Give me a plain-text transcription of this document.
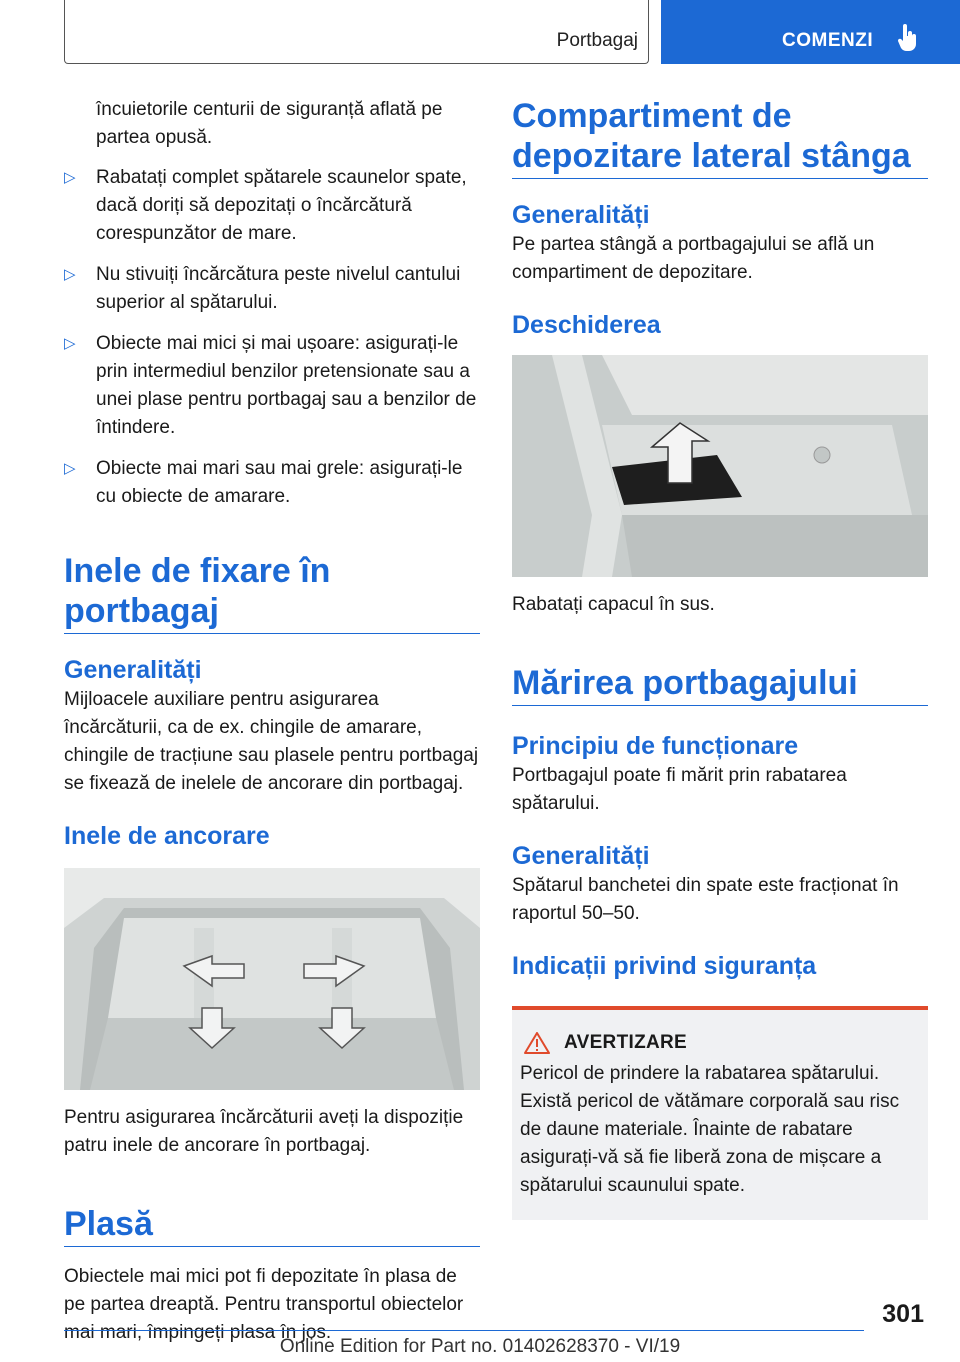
Portbagaj	COMENZI

încuietorile centurii de siguranță aflată pe partea opusă.

▷ Rabatați complet spătarele scaunelor spate, dacă doriți să depozitați o încărcătură corespunzător de mare.

▷ Nu stivuiți încărcătura peste nivelul cantului superior al spătarului.

▷ Obiecte mai mici și mai ușoare: asigurați-le prin intermediul benzilor pretensionate sau a unei plase pentru portbagaj sau a benzilor de întindere.

▷ Obiecte mai mari sau mai grele: asigurați-le cu obiecte de amarare.

Inele de fixare în portbagaj
Generalități

Mijloacele auxiliare pentru asigurarea încărcăturii, ca de ex. chingile de amarare, chingile de tracțiune sau plasele pentru portbagaj se fixează de inelele de ancorare din portbagaj.

Inele de ancorare

Pentru asigurarea încărcăturii aveți la dispoziție patru inele de ancorare în portbagaj.

Plasă

Obiectele mai mici pot fi depozitate în plasa de pe partea dreaptă. Pentru transportul obiectelor mai mari, împingeți plasa în jos.

Compartiment de depozitare lateral stânga
Generalități

Pe partea stângă a portbagajului se află un compartiment de depozitare.

Deschiderea

Rabatați capacul în sus.

Mărirea portbagajului
Principiu de funcționare

Portbagajul poate fi mărit prin rabatarea spătarului.

Generalități

Spătarul banchetei din spate este fracționat în raportul 50–50.

Indicații privind siguranța
AVERTIZARE

Pericol de prindere la rabatarea spătarului. Există pericol de vătămare corporală sau risc de daune materiale. Înainte de rabatare asigurați-vă să fie liberă zona de mișcare a spătarului scaunului spate.

301
Online Edition for Part no. 01402628370 - VI/19
